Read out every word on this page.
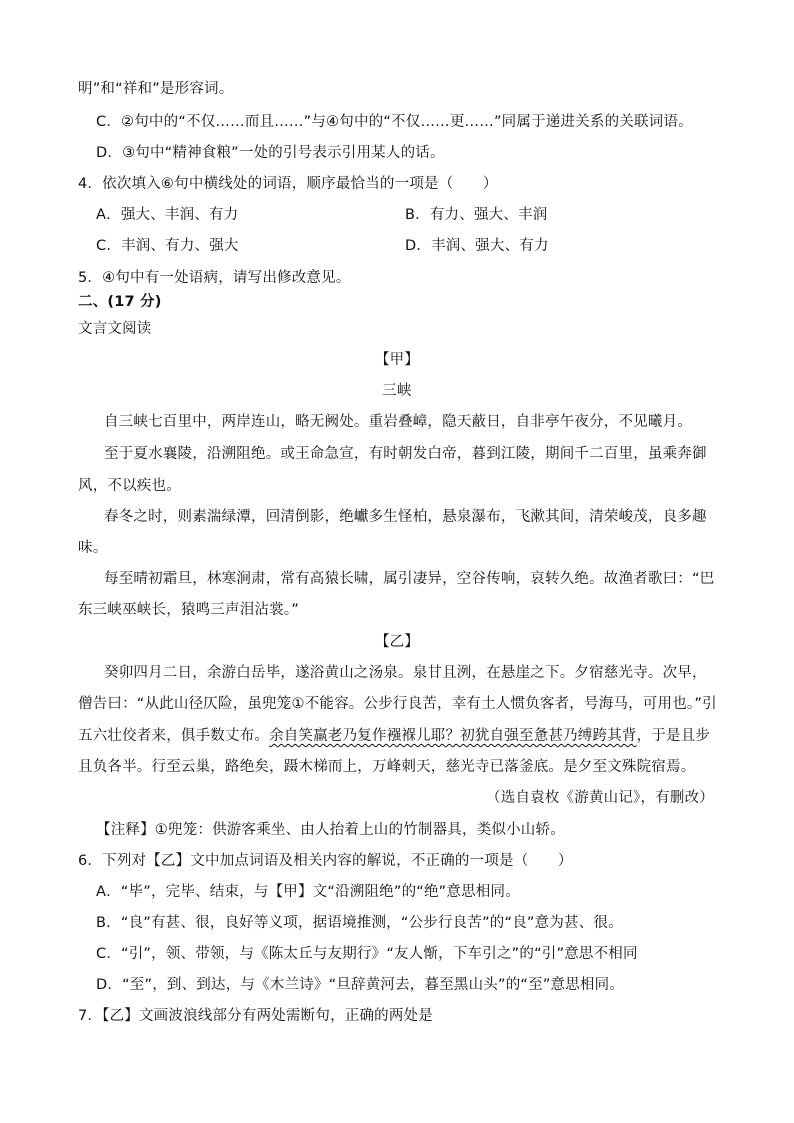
明”和“祥和”是形容词。
C．②句中的“不仅……而且……”与④句中的“不仅……更……”同属于递进关系的关联词语。
D．③句中“精神食粮”一处的引号表示引用某人的话。
4．依次填入⑥句中横线处的词语，顺序最恰当的一项是（　　）
A．强大、丰润、有力	B．有力、强大、丰润
C．丰润、有力、强大	D．丰润、强大、有力
5．④句中有一处语病，请写出修改意见。
二、(17 分)
文言文阅读
【甲】
三峡
自三峡七百里中，两岸连山，略无阙处。重岩叠嶂，隐天蔽日，自非亭午夜分，不见曦月。
至于夏水襄陵，沿溯阻绝。或王命急宣，有时朝发白帝，暮到江陵，期间千二百里，虽乘奔御
风，不以疾也。
春冬之时，则素湍绿潭，回清倒影，绝巘多生怪柏，悬泉瀑布，飞漱其间，清荣峻茂，良多趣
味。
每至晴初霜旦，林寒涧肃，常有高猿长啸，属引凄异，空谷传响，哀转久绝。故渔者歌曰：“巴
东三峡巫峡长，猿鸣三声泪沾裳。”
【乙】
癸卯四月二日，余游白岳毕，遂浴黄山之汤泉。泉甘且洌，在悬崖之下。夕宿慈光寺。次早，
僧告曰：“从此山径仄险，虽兜笼①不能容。公步行良苦，幸有土人惯负客者，号海马，可用也。”引
五六壮佼者来，俱手数丈布。余自笑羸老乃复作襁褓儿耶？初犹自强至惫甚乃缚跨其背，于是且步
且负各半。行至云巢，路绝矣，蹑木梯而上，万峰刺天，慈光寺已落釜底。是夕至文殊院宿焉。
（选自袁枚《游黄山记》，有删改）
【注释】①兜笼：供游客乘坐、由人抬着上山的竹制器具，类似小山轿。
6．下列对【乙】文中加点词语及相关内容的解说，不正确的一项是（　　）
A．“毕”，完毕、结束，与【甲】文“沿溯阻绝”的“绝”意思相同。
B．“良”有甚、很，良好等义项，据语境推测，“公步行良苦”的“良”意为甚、很。
C．“引”，领、带领，与《陈太丘与友期行》“友人惭，下车引之”的“引”意思不相同
D．“至”，到、到达，与《木兰诗》“旦辞黄河去，暮至黑山头”的“至”意思相同。
7．【乙】文画波浪线部分有两处需断句，正确的两处是
